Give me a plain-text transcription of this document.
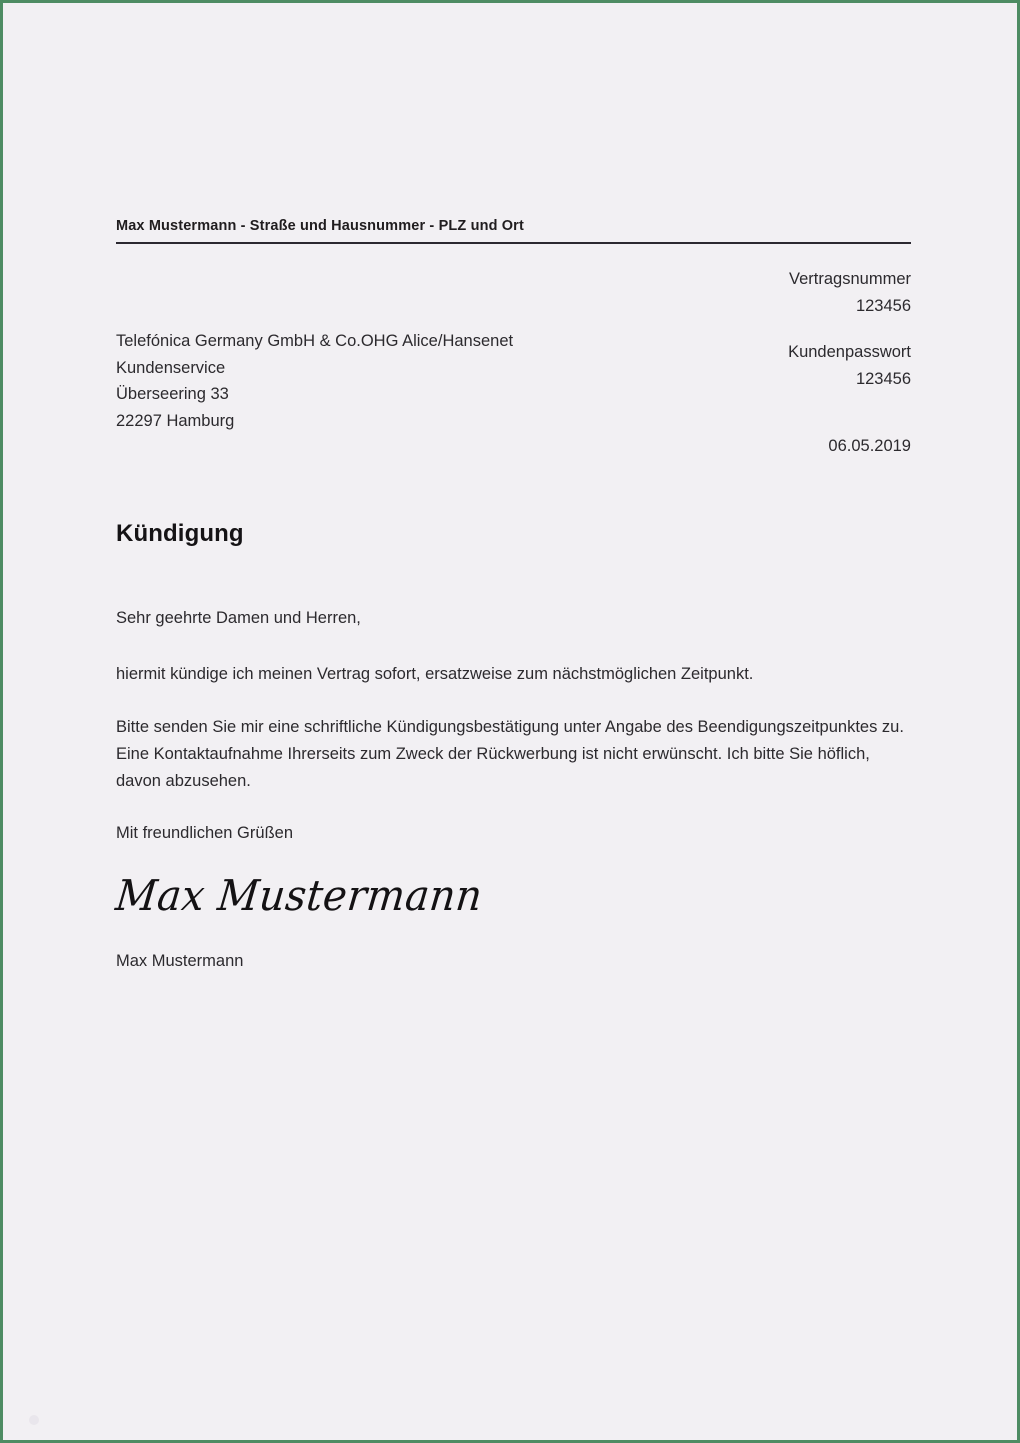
Max Mustermann - Straße und Hausnummer - PLZ und Ort
Vertragsnummer
123456
Kundenpasswort
123456
06.05.2019
Telefónica Germany GmbH & Co.OHG Alice/Hansenet
Kundenservice
Überseering 33
22297 Hamburg
Kündigung

Sehr geehrte Damen und Herren,

hiermit kündige ich meinen Vertrag sofort, ersatzweise zum nächstmöglichen Zeitpunkt.

Bitte senden Sie mir eine schriftliche Kündigungsbestätigung unter Angabe des Beendigungszeitpunktes zu. Eine Kontaktaufnahme Ihrerseits zum Zweck der Rückwerbung ist nicht erwünscht. Ich bitte Sie höflich, davon abzusehen.

Mit freundlichen Grüßen

Max Mustermann
Max Mustermann
